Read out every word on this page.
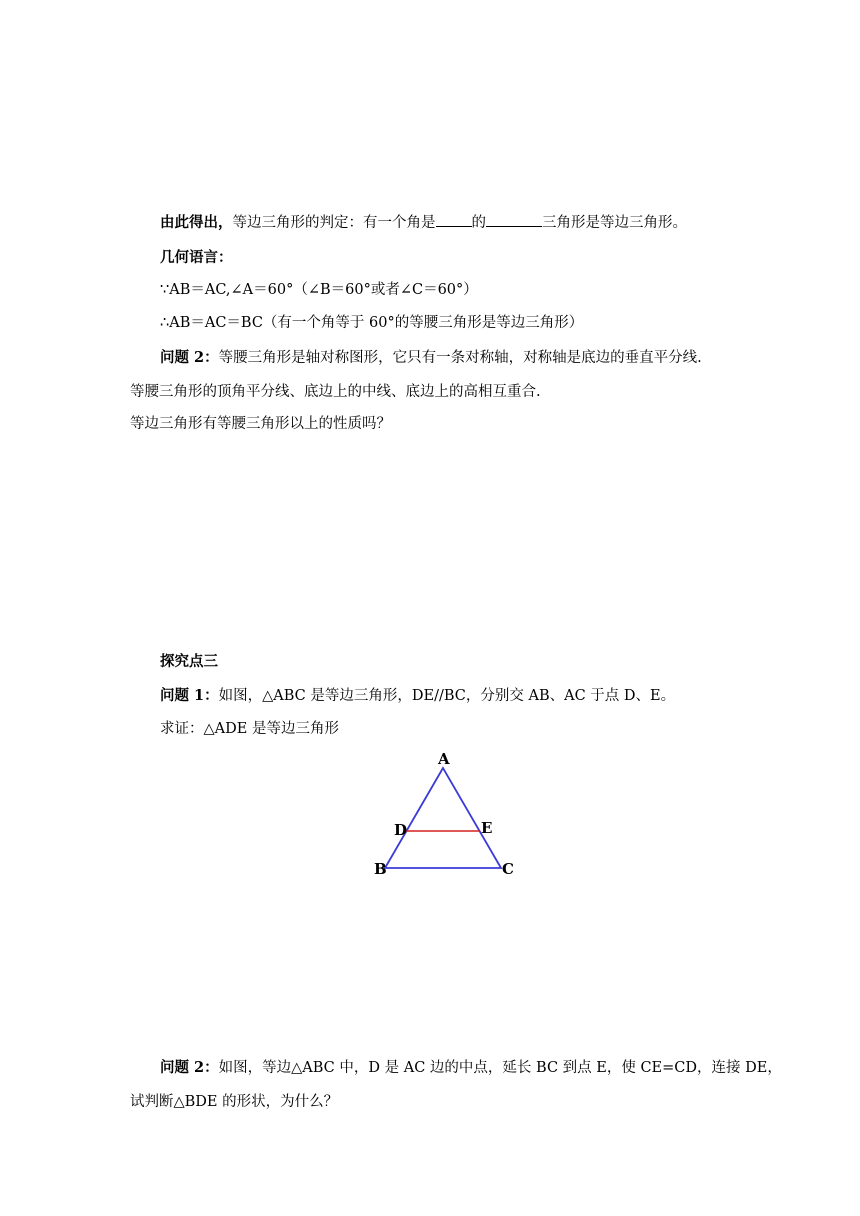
由此得出，等边三角形的判定：有一个角是 的	三角形是等边三角形。
几何语言：
∵AB＝AC,∠A＝60°（∠B＝60°或者∠C＝60°）
∴AB＝AC＝BC（有一个角等于 60°的等腰三角形是等边三角形）
问题 2：等腰三角形是轴对称图形，它只有一条对称轴，对称轴是底边的垂直平分线.
等腰三角形的顶角平分线、底边上的中线、底边上的高相互重合.
等边三角形有等腰三角形以上的性质吗？
探究点三
问题 1：如图，△ABC 是等边三角形，DE//BC，分别交 AB、AC 于点 D、E。
求证：△ADE 是等边三角形
A
D	E
B	C
问题 2：如图，等边△ABC 中，D 是 AC 边的中点，延长 BC 到点 E，使 CE=CD，连接 DE，
试判断△BDE 的形状，为什么？
